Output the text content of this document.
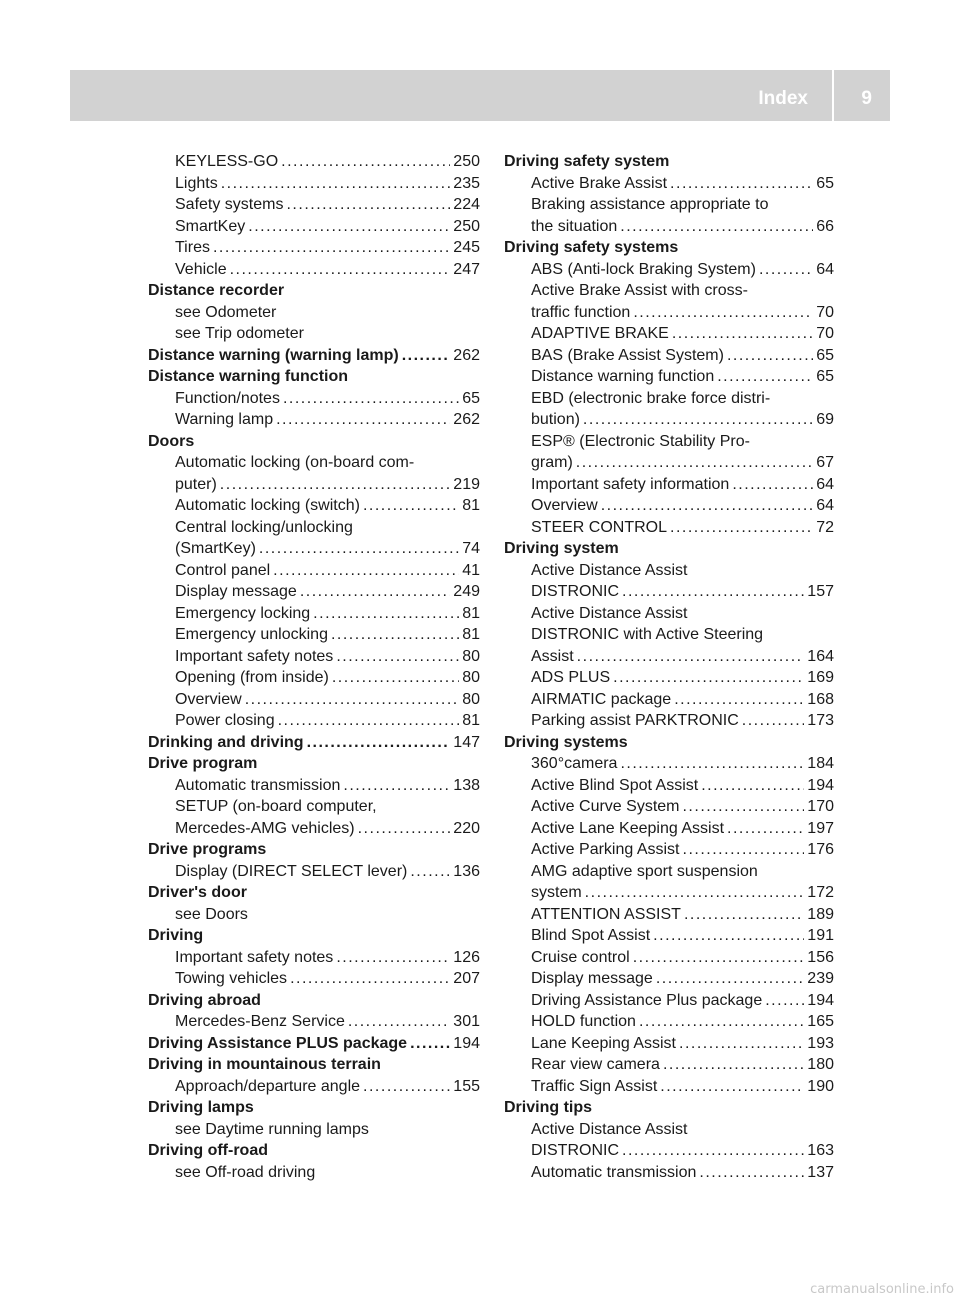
Index	9
KEYLESS-GO .....	250
Lights .....	235
Safety systems .....	224
SmartKey .....	250
Tires .....	245
Vehicle .....	247
Distance recorder
see Odometer
see Trip odometer
Distance warning (warning lamp) .....	262
Distance warning function
Function/notes .....	65
Warning lamp .....	262
Doors
Automatic locking (on-board com-
puter) .....	219
Automatic locking (switch) .....	81
Central locking/unlocking
(SmartKey) .....	74
Control panel .....	41
Display message .....	249
Emergency locking .....	81
Emergency unlocking .....	81
Important safety notes .....	80
Opening (from inside) .....	80
Overview .....	80
Power closing .....	81
Drinking and driving .....	147
Drive program
Automatic transmission .....	138
SETUP (on-board computer,
Mercedes-AMG vehicles) .....	220
Drive programs
Display (DIRECT SELECT lever) .....	136
Driver's door
see Doors
Driving
Important safety notes .....	126
Towing vehicles .....	207
Driving abroad
Mercedes-Benz Service .....	301
Driving Assistance PLUS package .....	194
Driving in mountainous terrain
Approach/departure angle .....	155
Driving lamps
see Daytime running lamps
Driving off-road
see Off-road driving
Driving safety system
Active Brake Assist .....	65
Braking assistance appropriate to
the situation .....	66
Driving safety systems
ABS (Anti-lock Braking System) .....	64
Active Brake Assist with cross-
traffic function .....	70
ADAPTIVE BRAKE .....	70
BAS (Brake Assist System) .....	65
Distance warning function .....	65
EBD (electronic brake force distri-
bution) .....	69
ESP® (Electronic Stability Pro-
gram) .....	67
Important safety information .....	64
Overview .....	64
STEER CONTROL .....	72
Driving system
Active Distance Assist
DISTRONIC .....	157
Active Distance Assist
DISTRONIC with Active Steering
Assist .....	164
ADS PLUS .....	169
AIRMATIC package .....	168
Parking assist PARKTRONIC .....	173
Driving systems
360°camera .....	184
Active Blind Spot Assist .....	194
Active Curve System .....	170
Active Lane Keeping Assist .....	197
Active Parking Assist .....	176
AMG adaptive sport suspension
system .....	172
ATTENTION ASSIST .....	189
Blind Spot Assist .....	191
Cruise control .....	156
Display message .....	239
Driving Assistance Plus package .....	194
HOLD function .....	165
Lane Keeping Assist .....	193
Rear view camera .....	180
Traffic Sign Assist .....	190
Driving tips
Active Distance Assist
DISTRONIC .....	163
Automatic transmission .....	137
carmanualsonline.info
